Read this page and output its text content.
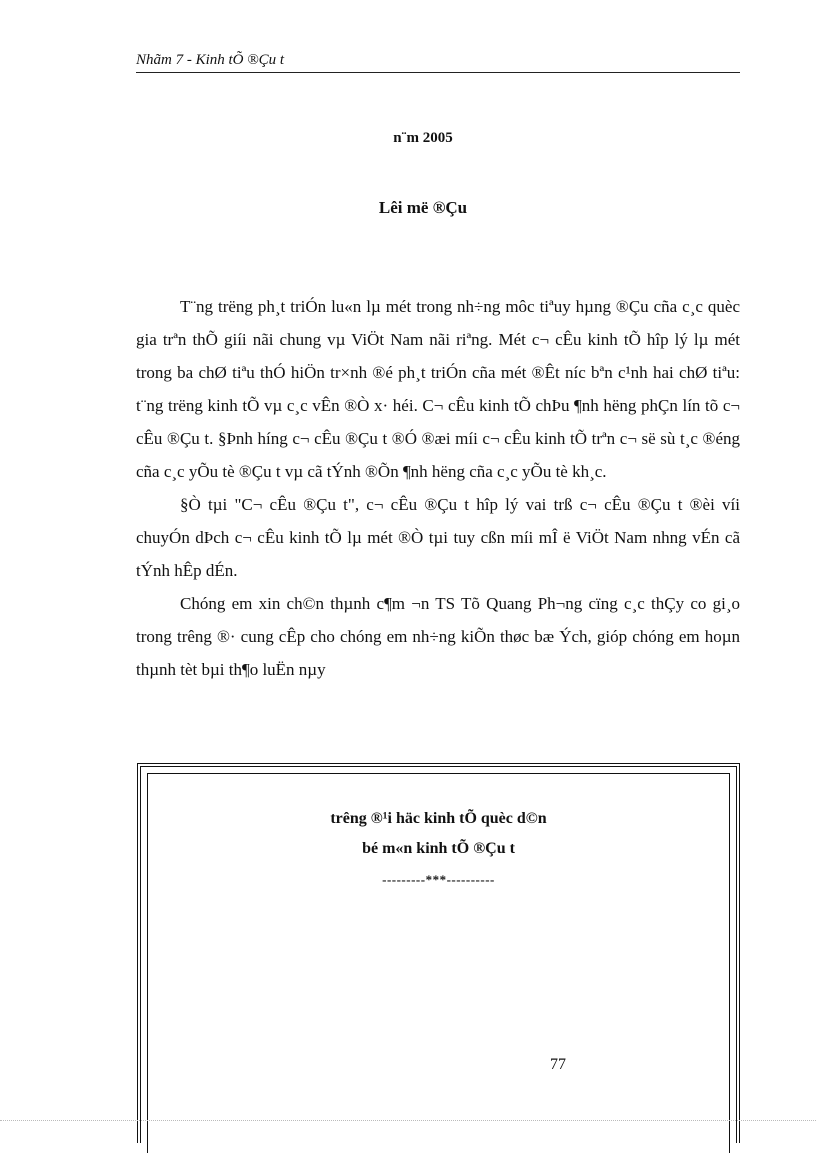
Nhãm 7 - Kinh tÕ ®Çu t
n¨m 2005
Lêi më ®Çu

T¨ng trëng ph¸t triÓn lu«n lµ mét trong nh÷ng môc tiªuy hµng ®Çu cña c¸c quèc gia trªn thÕ giíi nãi chung vµ ViÖt Nam nãi riªng. Mét c¬ cÊu kinh tÕ hîp lý lµ mét trong ba chØ tiªu thÓ hiÖn tr×nh ®é ph¸t triÓn cña mét ®Êt níc bªn c¹nh hai chØ tiªu: t¨ng trëng kinh tÕ vµ c¸c vÊn ®Ò x· héi. C¬ cÊu kinh tÕ chÞu ¶nh hëng phÇn lín tõ c¬ cÊu ®Çu t. §Þnh híng c¬ cÊu ®Çu t ®Ó ®æi míi c¬ cÊu kinh tÕ trªn c¬ së sù t¸c ®éng cña c¸c yÕu tè ®Çu t vµ cã tÝnh ®Õn ¶nh hëng cña c¸c yÕu tè kh¸c.

§Ò tµi "C¬ cÊu ®Çu t", c¬ cÊu ®Çu t hîp lý vai trß c¬ cÊu ®Çu t ®èi víi chuyÓn dÞch c¬ cÊu kinh tÕ lµ mét ®Ò tµi tuy cßn míi mÎ ë ViÖt Nam nhng vÉn cã tÝnh hÊp dÉn.

Chóng em xin ch©n thµnh c¶m ¬n TS Tõ Quang Ph¬ng cïng c¸c thÇy co gi¸o trong trêng ®· cung cÊp cho chóng em nh÷ng kiÕn thøc bæ Ých, gióp chóng em hoµn thµnh tèt bµi th¶o luËn nµy

trêng ®¹i häc kinh tÕ quèc d©n
bé m«n kinh tÕ ®Çu t
---------***----------
77
